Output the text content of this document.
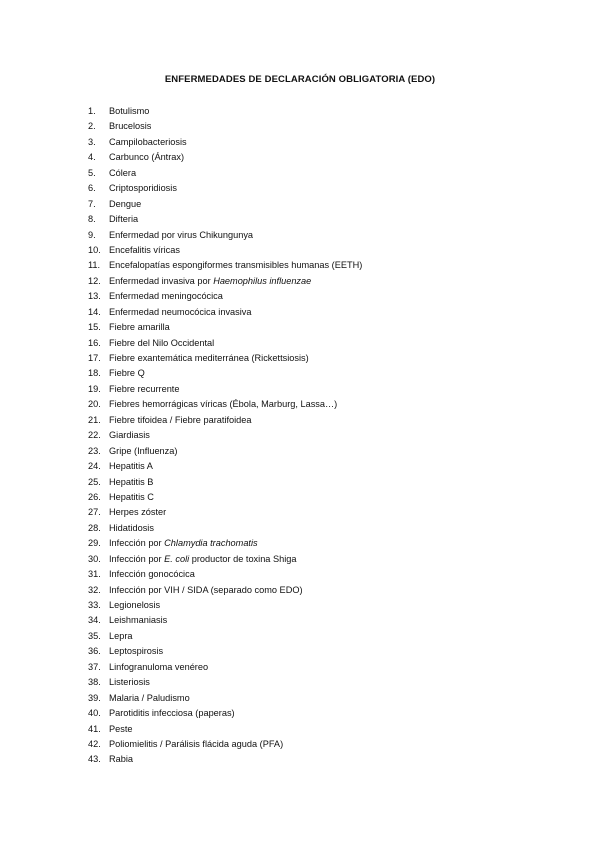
ENFERMEDADES DE DECLARACIÓN OBLIGATORIA (EDO)
1.	Botulismo
2.	Brucelosis
3.	Campilobacteriosis
4.	Carbunco (Ántrax)
5.	Cólera
6.	Criptosporidiosis
7.	Dengue
8.	Difteria
9.	Enfermedad por virus Chikungunya
10. Encefalitis víricas
11. Encefalopatías espongiformes transmisibles humanas (EETH)
12. Enfermedad invasiva por Haemophilus influenzae
13. Enfermedad meningocócica
14. Enfermedad neumocócica invasiva
15. Fiebre amarilla
16. Fiebre del Nilo Occidental
17. Fiebre exantemática mediterránea (Rickettsiosis)
18. Fiebre Q
19. Fiebre recurrente
20. Fiebres hemorrágicas víricas (Ébola, Marburg, Lassa…)
21. Fiebre tifoidea / Fiebre paratifoidea
22. Giardiasis
23. Gripe (Influenza)
24. Hepatitis A
25. Hepatitis B
26. Hepatitis C
27. Herpes zóster
28. Hidatidosis
29. Infección por Chlamydia trachomatis
30. Infección por E. coli productor de toxina Shiga
31. Infección gonocócica
32. Infección por VIH / SIDA (separado como EDO)
33. Legionelosis
34. Leishmaniasis
35. Lepra
36. Leptospirosis
37. Linfogranuloma venéreo
38. Listeriosis
39. Malaria / Paludismo
40. Parotiditis infecciosa (paperas)
41. Peste
42. Poliomielitis / Parálisis flácida aguda (PFA)
43. Rabia
